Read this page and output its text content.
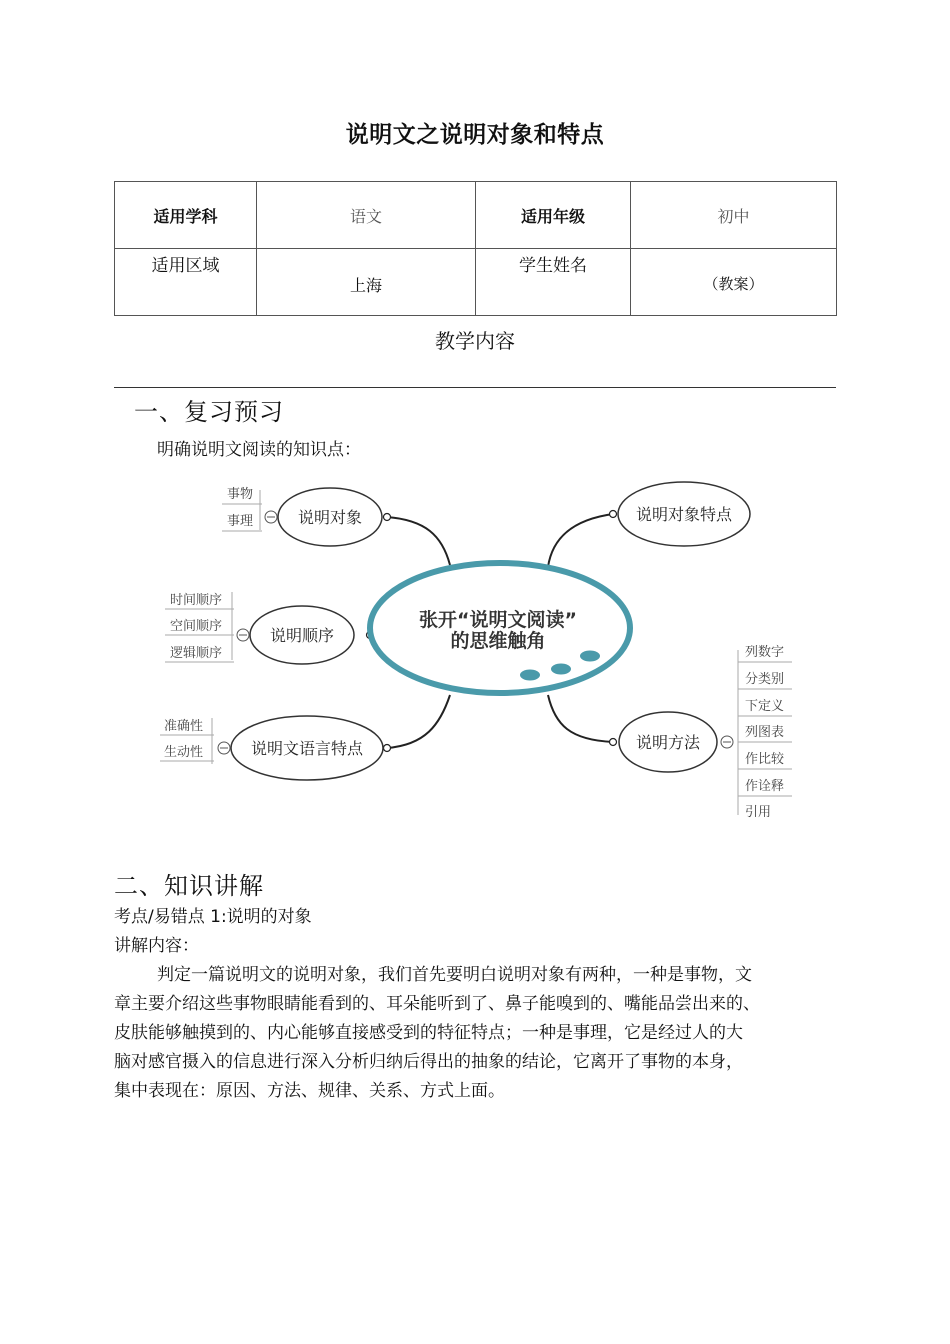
说明文之说明对象和特点
适用学科	语文	适用年级	初中

适用区域	上海	学生姓名	（教案）
教学内容
一、复习预习
明确说明文阅读的知识点：
张开“说明文阅读”
的思维触角
说明对象
事物
事理	说明对象特点
说明顺序
时间顺序
空间顺序
逻辑顺序
说明文语言特点
准确性
生动性
说明方法
列数字
分类别
下定义
列图表
作比较
作诠释
引用
二、知识讲解
考点/易错点 1:说明的对象
讲解内容：
判定一篇说明文的说明对象，我们首先要明白说明对象有两种，一种是事物，文
章主要介绍这些事物眼睛能看到的、耳朵能听到了、鼻子能嗅到的、嘴能品尝出来的、
皮肤能够触摸到的、内心能够直接感受到的特征特点；一种是事理，它是经过人的大
脑对感官摄入的信息进行深入分析归纳后得出的抽象的结论，它离开了事物的本身，
集中表现在：原因、方法、规律、关系、方式上面。
